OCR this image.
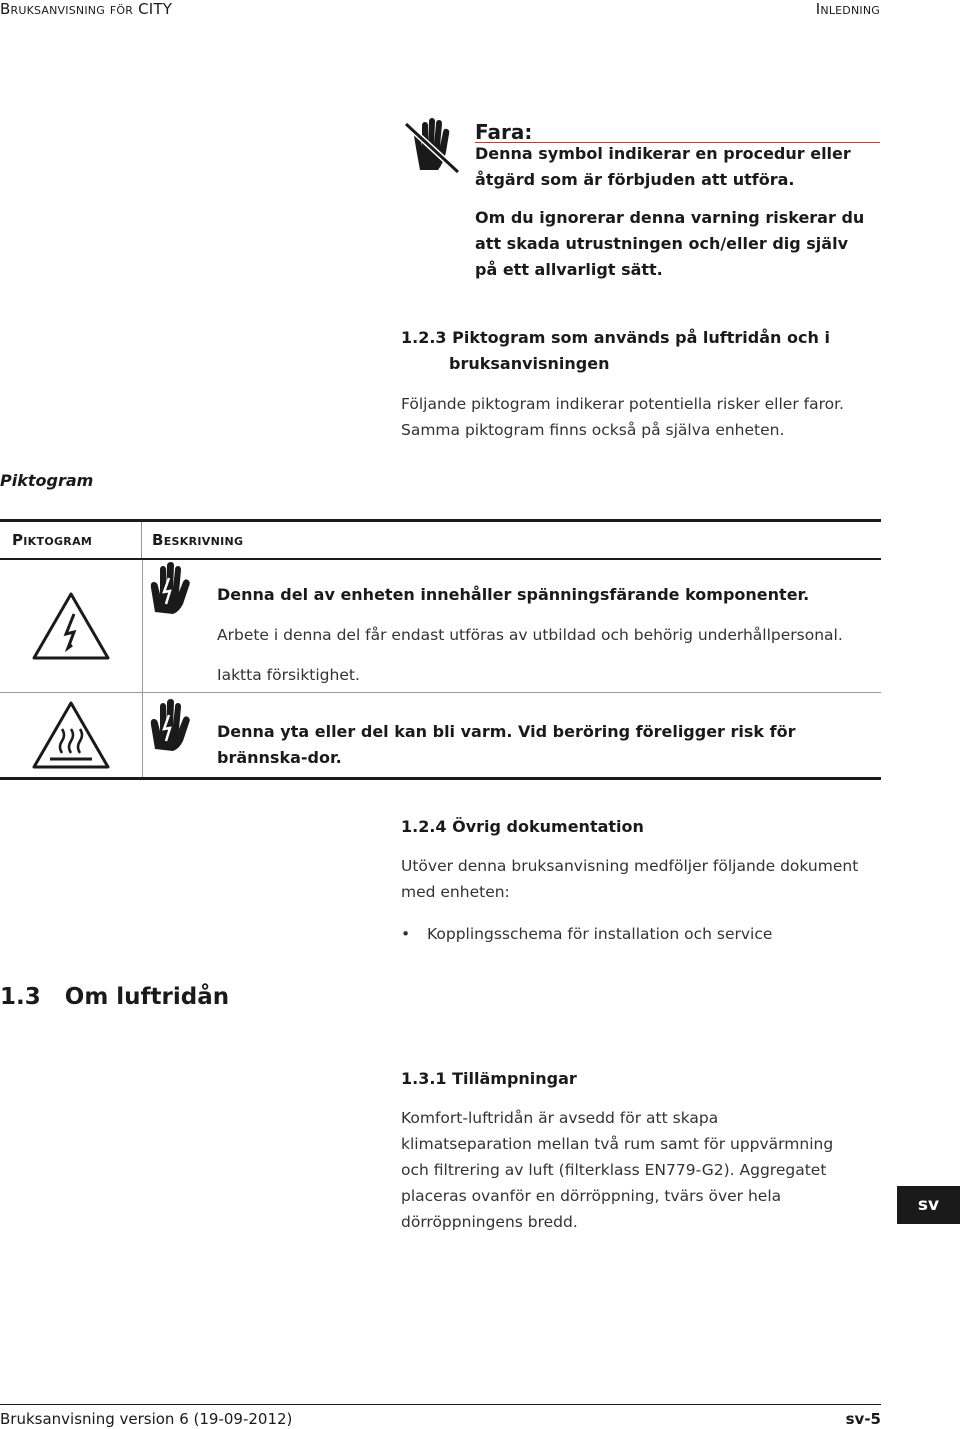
Bruksanvisning för CITY	Inledning
Fara:
Denna symbol indikerar en procedur eller åtgärd som är förbjuden att utföra.
Om du ignorerar denna varning riskerar du att skada utrustningen och/eller dig själv på ett allvarligt sätt.
1.2.3 Piktogram som används på luftridån och i bruksanvisningen
Följande piktogram indikerar potentiella risker eller faror. Samma piktogram finns också på själva enheten.
Piktogram
Piktogram	Beskrivning
Denna del av enheten innehåller spänningsfärande komponenter.
Arbete i denna del får endast utföras av utbildad och behörig underhållpersonal.
Iaktta försiktighet.
Denna yta eller del kan bli varm. Vid beröring föreligger risk för brännska-dor.
1.2.4 Övrig dokumentation
Utöver denna bruksanvisning medföljer följande dokument med enheten:
• Kopplingsschema för installation och service
1.3   Om luftridån
1.3.1 Tillämpningar
Komfort-luftridån är avsedd för att skapa klimatseparation mellan två rum samt för uppvärmning och filtrering av luft (filterklass EN779-G2). Aggregatet placeras ovanför en dörröppning, tvärs över hela dörröppningens bredd.
sv
Bruksanvisning version 6 (19-09-2012)	sv-5
